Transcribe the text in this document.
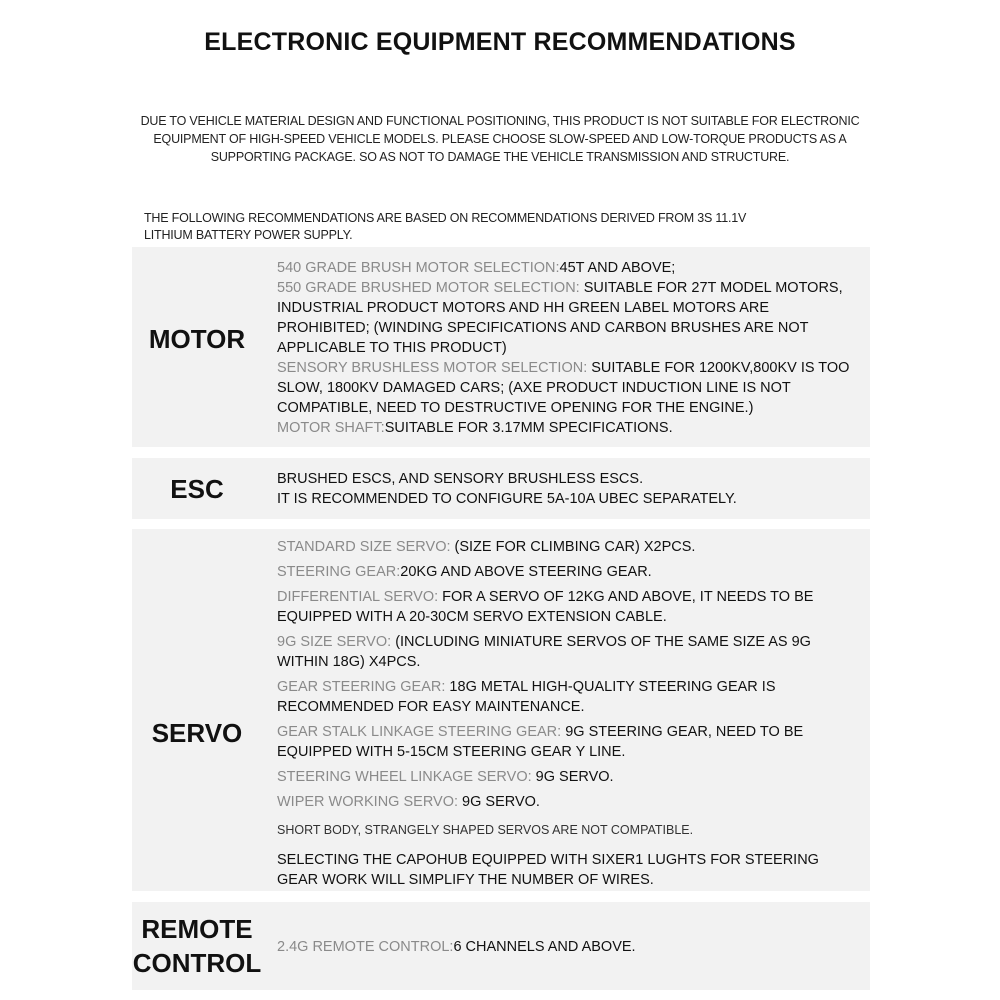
ELECTRONIC EQUIPMENT RECOMMENDATIONS
DUE TO VEHICLE MATERIAL DESIGN AND FUNCTIONAL POSITIONING, THIS PRODUCT IS NOT SUITABLE FOR ELECTRONIC EQUIPMENT OF HIGH-SPEED VEHICLE MODELS. PLEASE CHOOSE SLOW-SPEED AND LOW-TORQUE PRODUCTS AS A SUPPORTING PACKAGE. SO AS NOT TO DAMAGE THE VEHICLE TRANSMISSION AND STRUCTURE.
THE FOLLOWING RECOMMENDATIONS ARE BASED ON RECOMMENDATIONS DERIVED FROM 3S 11.1V LITHIUM BATTERY POWER SUPPLY.
MOTOR

540 GRADE BRUSH MOTOR SELECTION:45T AND ABOVE;

550 GRADE BRUSHED MOTOR SELECTION: SUITABLE FOR 27T MODEL MOTORS, INDUSTRIAL PRODUCT MOTORS AND HH GREEN LABEL MOTORS ARE PROHIBITED; (WINDING SPECIFICATIONS AND CARBON BRUSHES ARE NOT APPLICABLE TO THIS PRODUCT)

SENSORY BRUSHLESS MOTOR SELECTION: SUITABLE FOR 1200KV,800KV IS TOO SLOW, 1800KV DAMAGED CARS; (AXE PRODUCT INDUCTION LINE IS NOT COMPATIBLE, NEED TO DESTRUCTIVE OPENING FOR THE ENGINE.)

MOTOR SHAFT:SUITABLE FOR 3.17MM SPECIFICATIONS.

ESC	BRUSHED ESCS, AND SENSORY BRUSHLESS ESCS.

IT IS RECOMMENDED TO CONFIGURE 5A-10A UBEC SEPARATELY.

SERVO

STANDARD SIZE SERVO: (SIZE FOR CLIMBING CAR) X2PCS.

STEERING GEAR:20KG AND ABOVE STEERING GEAR.

DIFFERENTIAL SERVO: FOR A SERVO OF 12KG AND ABOVE, IT NEEDS TO BE EQUIPPED WITH A 20-30CM SERVO EXTENSION CABLE.

9G SIZE SERVO: (INCLUDING MINIATURE SERVOS OF THE SAME SIZE AS 9G WITHIN 18G) X4PCS.

GEAR STEERING GEAR: 18G METAL HIGH-QUALITY STEERING GEAR IS RECOMMENDED FOR EASY MAINTENANCE.

GEAR STALK LINKAGE STEERING GEAR: 9G STEERING GEAR, NEED TO BE EQUIPPED WITH 5-15CM STEERING GEAR Y LINE.

STEERING WHEEL LINKAGE SERVO: 9G SERVO.

WIPER WORKING SERVO: 9G SERVO.

SHORT BODY, STRANGELY SHAPED SERVOS ARE NOT COMPATIBLE.

SELECTING THE CAPOHUB EQUIPPED WITH SIXER1 LUGHTS FOR STEERING GEAR WORK WILL SIMPLIFY THE NUMBER OF WIRES.

REMOTE
CONTROL

2.4G REMOTE CONTROL:6 CHANNELS AND ABOVE.
